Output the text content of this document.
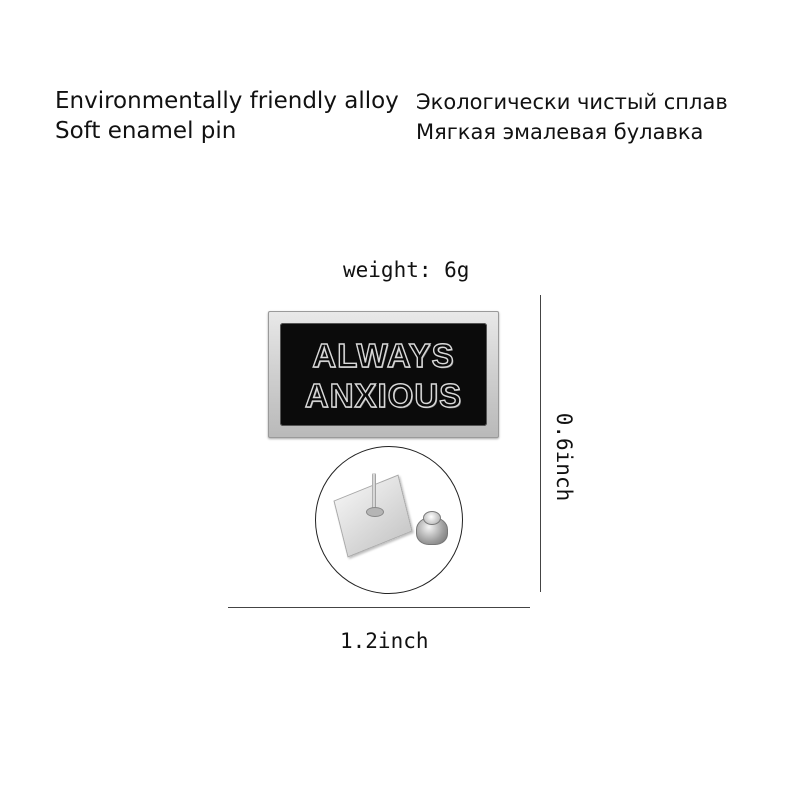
Environmentally friendly alloy
Soft enamel pin
Экологически чистый сплав
Мягкая эмалевая булавка
weight: 6g
ALWAYS
ANXIOUS
1.2inch
0.6inch
